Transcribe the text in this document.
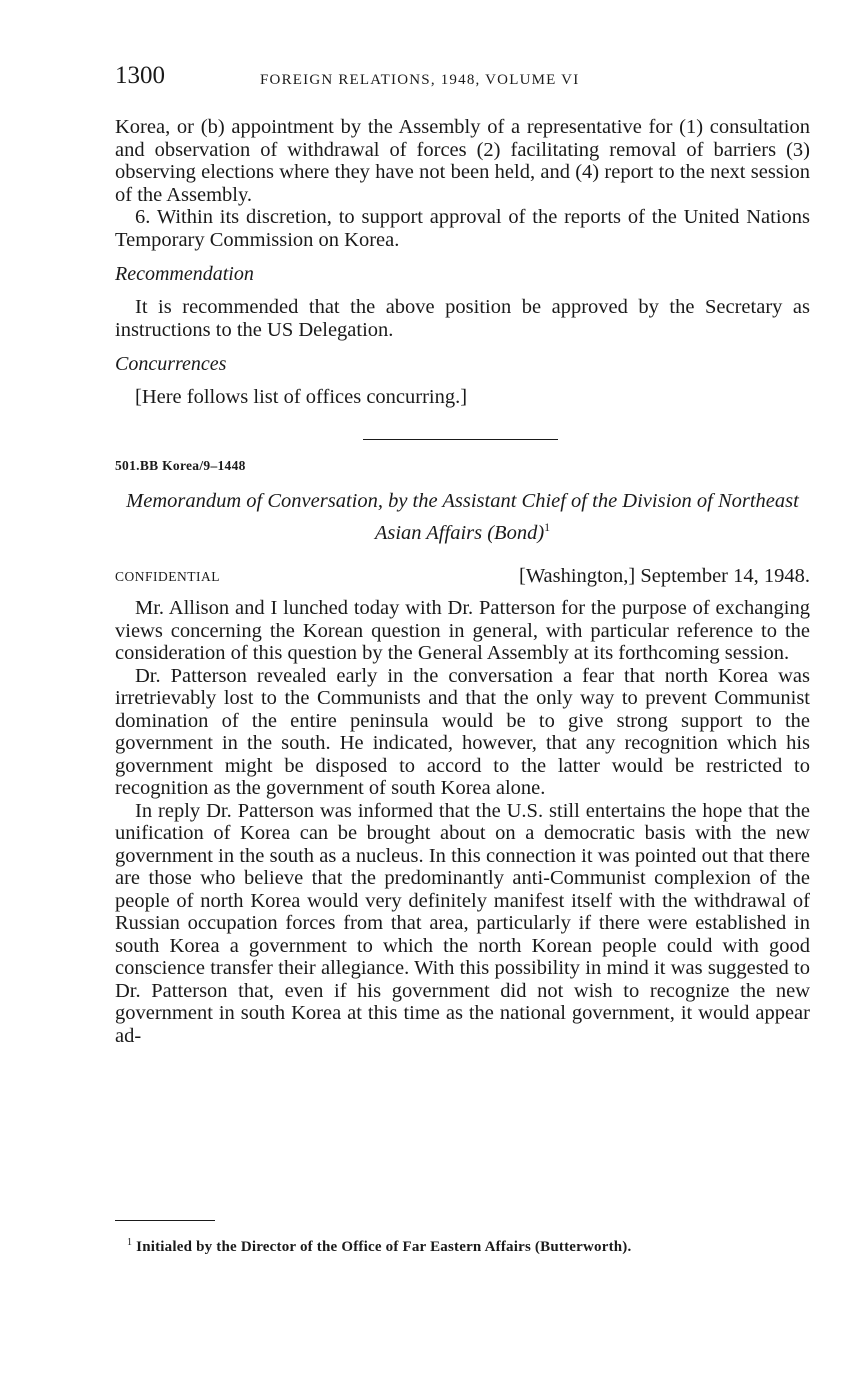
1300	FOREIGN RELATIONS, 1948, VOLUME VI

Korea, or (b) appointment by the Assembly of a representative for (1) consultation and observation of withdrawal of forces (2) facilitating removal of barriers (3) observing elections where they have not been held, and (4) report to the next session of the Assembly.

6. Within its discretion, to support approval of the reports of the United Nations Temporary Commission on Korea.

Recommendation

It is recommended that the above position be approved by the Secretary as instructions to the US Delegation.

Concurrences

[Here follows list of offices concurring.]

501.BB Korea/9–1448
Memorandum of Conversation, by the Assistant Chief of the Division of Northeast Asian Affairs (Bond)$^1$
CONFIDENTIAL	[Washington,] September 14, 1948.

Mr. Allison and I lunched today with Dr. Patterson for the purpose of exchanging views concerning the Korean question in general, with particular reference to the consideration of this question by the General Assembly at its forthcoming session.

Dr. Patterson revealed early in the conversation a fear that north Korea was irretrievably lost to the Communists and that the only way to prevent Communist domination of the entire peninsula would be to give strong support to the government in the south. He indicated, however, that any recognition which his government might be disposed to accord to the latter would be restricted to recognition as the government of south Korea alone.

In reply Dr. Patterson was informed that the U.S. still entertains the hope that the unification of Korea can be brought about on a democratic basis with the new government in the south as a nucleus. In this connection it was pointed out that there are those who believe that the predominantly anti-Communist complexion of the people of north Korea would very definitely manifest itself with the withdrawal of Russian occupation forces from that area, particularly if there were established in south Korea a government to which the north Korean people could with good conscience transfer their allegiance. With this possibility in mind it was suggested to Dr. Patterson that, even if his government did not wish to recognize the new government in south Korea at this time as the national government, it would appear ad-

$^1$ Initialed by the Director of the Office of Far Eastern Affairs (Butterworth).
